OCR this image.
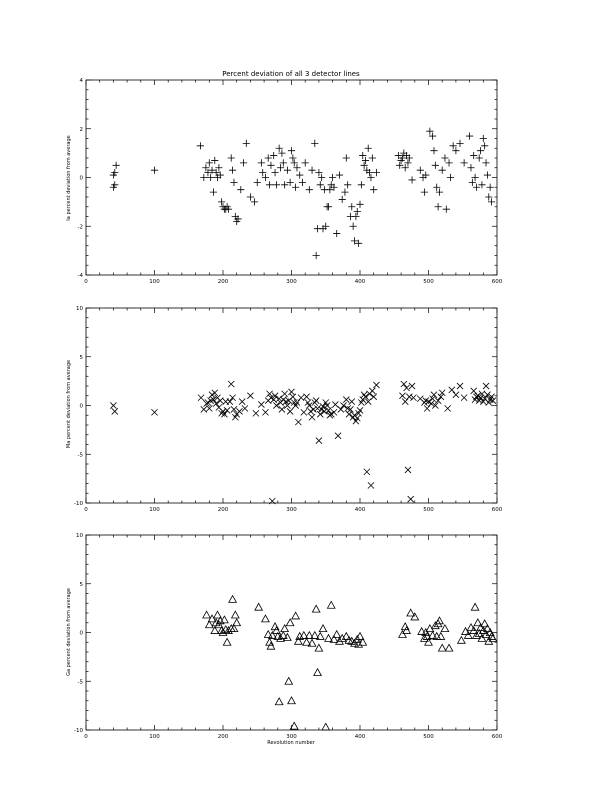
Percent deviation of all 3 detector lines
Ia percent deviation from average
0	100	200	300	400	500	600
-4
-2
0
2
4
Ma percent deviation from average
0	100	200	300	400	500	600
-10
-5
0
5
10
Ga percent deviation from average
0	100	200	300	400	500	600
-10
-5
0
5
10
Revolution number
